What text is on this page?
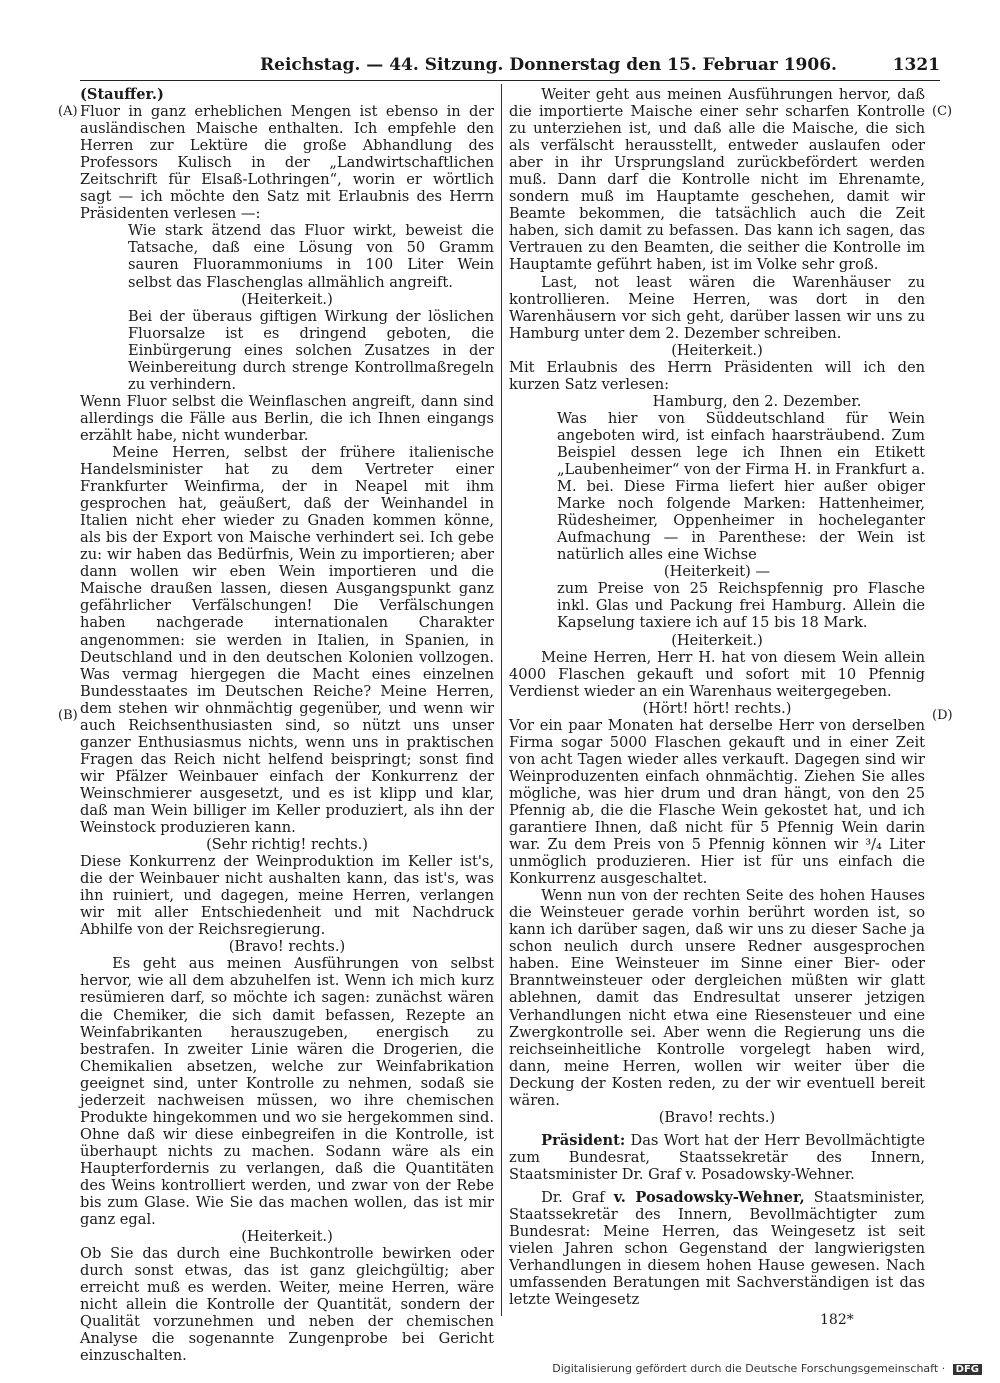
Reichstag. — 44. Sitzung. Donnerstag den 15. Februar 1906.	1321
(A)
(B)
(C)
(D)

(Stauffer.)

Fluor in ganz erheblichen Mengen ist ebenso in der ausländischen Maische enthalten. Ich empfehle den Herren zur Lektüre die große Abhandlung des Professors Kulisch in der „Landwirtschaftlichen Zeitschrift für Elsaß-Lothringen“, worin er wörtlich sagt — ich möchte den Satz mit Erlaubnis des Herrn Präsidenten verlesen —:

Wie stark ätzend das Fluor wirkt, beweist die Tatsache, daß eine Lösung von 50 Gramm sauren Fluorammoniums in 100 Liter Wein selbst das Flaschenglas allmählich angreift.

(Heiterkeit.)

Bei der überaus giftigen Wirkung der löslichen Fluorsalze ist es dringend geboten, die Einbürgerung eines solchen Zusatzes in der Weinbereitung durch strenge Kontrollmaßregeln zu verhindern.

Wenn Fluor selbst die Weinflaschen angreift, dann sind allerdings die Fälle aus Berlin, die ich Ihnen eingangs erzählt habe, nicht wunderbar.

Meine Herren, selbst der frühere italienische Handelsminister hat zu dem Vertreter einer Frankfurter Weinfirma, der in Neapel mit ihm gesprochen hat, geäußert, daß der Weinhandel in Italien nicht eher wieder zu Gnaden kommen könne, als bis der Export von Maische verhindert sei. Ich gebe zu: wir haben das Bedürfnis, Wein zu importieren; aber dann wollen wir eben Wein importieren und die Maische draußen lassen, diesen Ausgangspunkt ganz gefährlicher Verfälschungen! Die Verfälschungen haben nachgerade internationalen Charakter angenommen: sie werden in Italien, in Spanien, in Deutschland und in den deutschen Kolonien vollzogen. Was vermag hiergegen die Macht eines einzelnen Bundesstaates im Deutschen Reiche? Meine Herren, dem stehen wir ohnmächtig gegenüber, und wenn wir auch Reichsenthusiasten sind, so nützt uns unser ganzer Enthusiasmus nichts, wenn uns in praktischen Fragen das Reich nicht helfend beispringt; sonst find wir Pfälzer Weinbauer einfach der Konkurrenz der Weinschmierer ausgesetzt, und es ist klipp und klar, daß man Wein billiger im Keller produziert, als ihn der Weinstock produzieren kann.

(Sehr richtig! rechts.)

Diese Konkurrenz der Weinproduktion im Keller ist's, die der Weinbauer nicht aushalten kann, das ist's, was ihn ruiniert, und dagegen, meine Herren, verlangen wir mit aller Entschiedenheit und mit Nachdruck Abhilfe von der Reichsregierung.

(Bravo! rechts.)

Es geht aus meinen Ausführungen von selbst hervor, wie all dem abzuhelfen ist. Wenn ich mich kurz resümieren darf, so möchte ich sagen: zunächst wären die Chemiker, die sich damit befassen, Rezepte an Weinfabrikanten herauszugeben, energisch zu bestrafen. In zweiter Linie wären die Drogerien, die Chemikalien absetzen, welche zur Weinfabrikation geeignet sind, unter Kontrolle zu nehmen, sodaß sie jederzeit nachweisen müssen, wo ihre chemischen Produkte hingekommen und wo sie hergekommen sind. Ohne daß wir diese einbegreifen in die Kontrolle, ist überhaupt nichts zu machen. Sodann wäre als ein Haupterfordernis zu verlangen, daß die Quantitäten des Weins kontrolliert werden, und zwar von der Rebe bis zum Glase. Wie Sie das machen wollen, das ist mir ganz egal.

(Heiterkeit.)

Ob Sie das durch eine Buchkontrolle bewirken oder durch sonst etwas, das ist ganz gleichgültig; aber erreicht muß es werden. Weiter, meine Herren, wäre nicht allein die Kontrolle der Quantität, sondern der Qualität vorzunehmen und neben der chemischen Analyse die sogenannte Zungenprobe bei Gericht einzuschalten.

Weiter geht aus meinen Ausführungen hervor, daß die importierte Maische einer sehr scharfen Kontrolle zu unterziehen ist, und daß alle die Maische, die sich als verfälscht herausstellt, entweder auslaufen oder aber in ihr Ursprungsland zurückbefördert werden muß. Dann darf die Kontrolle nicht im Ehrenamte, sondern muß im Hauptamte geschehen, damit wir Beamte bekommen, die tatsächlich auch die Zeit haben, sich damit zu befassen. Das kann ich sagen, das Vertrauen zu den Beamten, die seither die Kontrolle im Hauptamte geführt haben, ist im Volke sehr groß.

Last, not least wären die Warenhäuser zu kontrollieren. Meine Herren, was dort in den Warenhäusern vor sich geht, darüber lassen wir uns zu Hamburg unter dem 2. Dezember schreiben.

(Heiterkeit.)

Mit Erlaubnis des Herrn Präsidenten will ich den kurzen Satz verlesen:

Hamburg, den 2. Dezember.

Was hier von Süddeutschland für Wein angeboten wird, ist einfach haarsträubend. Zum Beispiel dessen lege ich Ihnen ein Etikett „Laubenheimer“ von der Firma H. in Frankfurt a. M. bei. Diese Firma liefert hier außer obiger Marke noch folgende Marken: Hattenheimer, Rüdesheimer, Oppenheimer in hocheleganter Aufmachung — in Parenthese: der Wein ist natürlich alles eine Wichse

(Heiterkeit) —

zum Preise von 25 Reichspfennig pro Flasche inkl. Glas und Packung frei Hamburg. Allein die Kapselung taxiere ich auf 15 bis 18 Mark.

(Heiterkeit.)

Meine Herren, Herr H. hat von diesem Wein allein 4000 Flaschen gekauft und sofort mit 10 Pfennig Verdienst wieder an ein Warenhaus weitergegeben.

(Hört! hört! rechts.)

Vor ein paar Monaten hat derselbe Herr von derselben Firma sogar 5000 Flaschen gekauft und in einer Zeit von acht Tagen wieder alles verkauft. Dagegen sind wir Weinproduzenten einfach ohnmächtig. Ziehen Sie alles mögliche, was hier drum und dran hängt, von den 25 Pfennig ab, die die Flasche Wein gekostet hat, und ich garantiere Ihnen, daß nicht für 5 Pfennig Wein darin war. Zu dem Preis von 5 Pfennig können wir ³/₄ Liter unmöglich produzieren. Hier ist für uns einfach die Konkurrenz ausgeschaltet.

Wenn nun von der rechten Seite des hohen Hauses die Weinsteuer gerade vorhin berührt worden ist, so kann ich darüber sagen, daß wir uns zu dieser Sache ja schon neulich durch unsere Redner ausgesprochen haben. Eine Weinsteuer im Sinne einer Bier- oder Branntweinsteuer oder dergleichen müßten wir glatt ablehnen, damit das Endresultat unserer jetzigen Verhandlungen nicht etwa eine Riesensteuer und eine Zwergkontrolle sei. Aber wenn die Regierung uns die reichseinheitliche Kontrolle vorgelegt haben wird, dann, meine Herren, wollen wir weiter über die Deckung der Kosten reden, zu der wir eventuell bereit wären.

(Bravo! rechts.)

Präsident: Das Wort hat der Herr Bevollmächtigte zum Bundesrat, Staatssekretär des Innern, Staatsminister Dr. Graf v. Posadowsky-Wehner.

Dr. Graf v. Posadowsky-Wehner, Staatsminister, Staatssekretär des Innern, Bevollmächtigter zum Bundesrat: Meine Herren, das Weingesetz ist seit vielen Jahren schon Gegenstand der langwierigsten Verhandlungen in diesem hohen Hause gewesen. Nach umfassenden Beratungen mit Sachverständigen ist das letzte Weingesetz

182*
Digitalisierung gefördert durch die Deutsche Forschungsgemeinschaft · DFG
